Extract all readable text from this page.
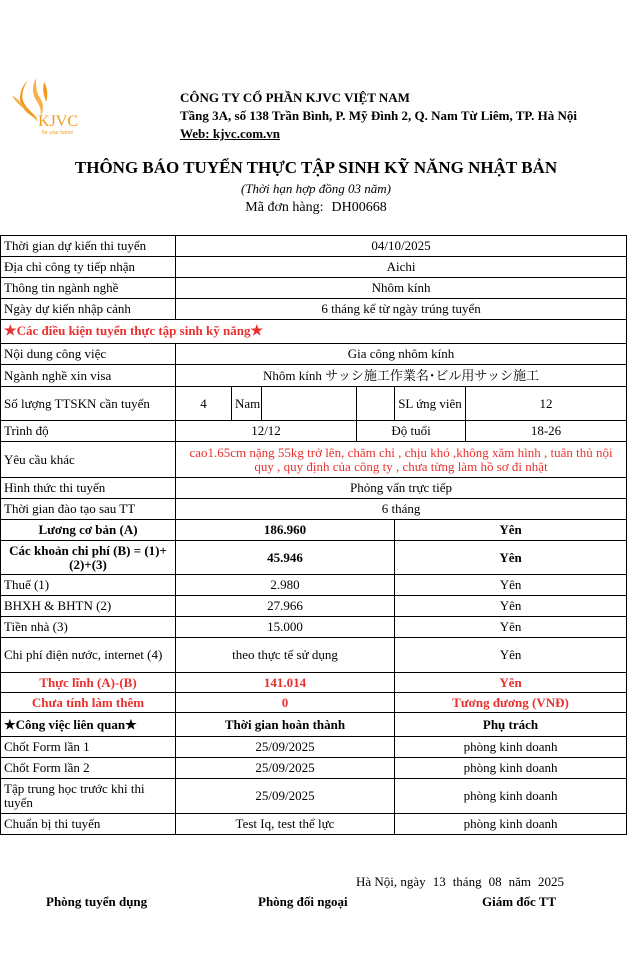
KJVC
for your future
CÔNG TY CỔ PHẦN KJVC VIỆT NAM
Tầng 3A, số 138 Trần Bình, P. Mỹ Đình 2, Q. Nam Từ Liêm, TP. Hà Nội
Web: kjvc.com.vn
THÔNG BÁO TUYỂN THỰC TẬP SINH KỸ NĂNG NHẬT BẢN
(Thời hạn hợp đồng 03 năm)
Mã đơn hàng: DH00668
Thời gian dự kiến thi tuyển	04/10/2025					
Địa chỉ công ty tiếp nhận	Aichi					
Thông tin ngành nghề	Nhôm kính					
Ngày dự kiến nhập cảnh	6 tháng kể từ ngày trúng tuyển					
★Các điều kiện tuyển thực tập sinh kỹ năng★						
Nội dung công việc	Gia công nhôm kính					
Ngành nghề xin visa	Nhôm kính サッシ施工作業名･ビル用サッシ施工					
Số lượng TTSKN cần tuyển	4	Nam			SL ứng viên	12
Trình độ	12/12			Độ tuổi		18-26
Yêu cầu khác	cao1.65cm nặng 55kg trở lên, chăm chỉ , chịu khó ,không xăm hình , tuân thủ nội quy , quy định của công ty , chưa từng làm hồ sơ đi nhật					
Hình thức thi tuyển	Phỏng vấn trực tiếp					
Thời gian đào tạo sau TT	6 tháng					
Lương cơ bản (A)	186.960				Yên	
Các khoản chi phí (B) = (1)+(2)+(3)	45.946				Yên	
Thuế (1)	2.980				Yên	
BHXH & BHTN (2)	27.966				Yên	
Tiền nhà (3)	15.000				Yên	
Chi phí điện nước, internet (4)	theo thực tế sử dụng				Yên	
Thực lĩnh (A)-(B)	141.014				Yên	
Chưa tính làm thêm	0				Tương đương (VNĐ)	
★Công việc liên quan★	Thời gian hoàn thành				Phụ trách	
Chốt Form lần 1	25/09/2025				phòng kinh doanh	
Chốt Form lần 2	25/09/2025				phòng kinh doanh	
Tập trung học trước khi thi tuyển	25/09/2025				phòng kinh doanh	
Chuẩn bị thi tuyển	Test Iq, test thể lực				phòng kinh doanh	
Hà Nội, ngày 13 tháng 08 năm 2025
Phòng tuyển dụng	Phòng đối ngoại	Giám đốc TT
